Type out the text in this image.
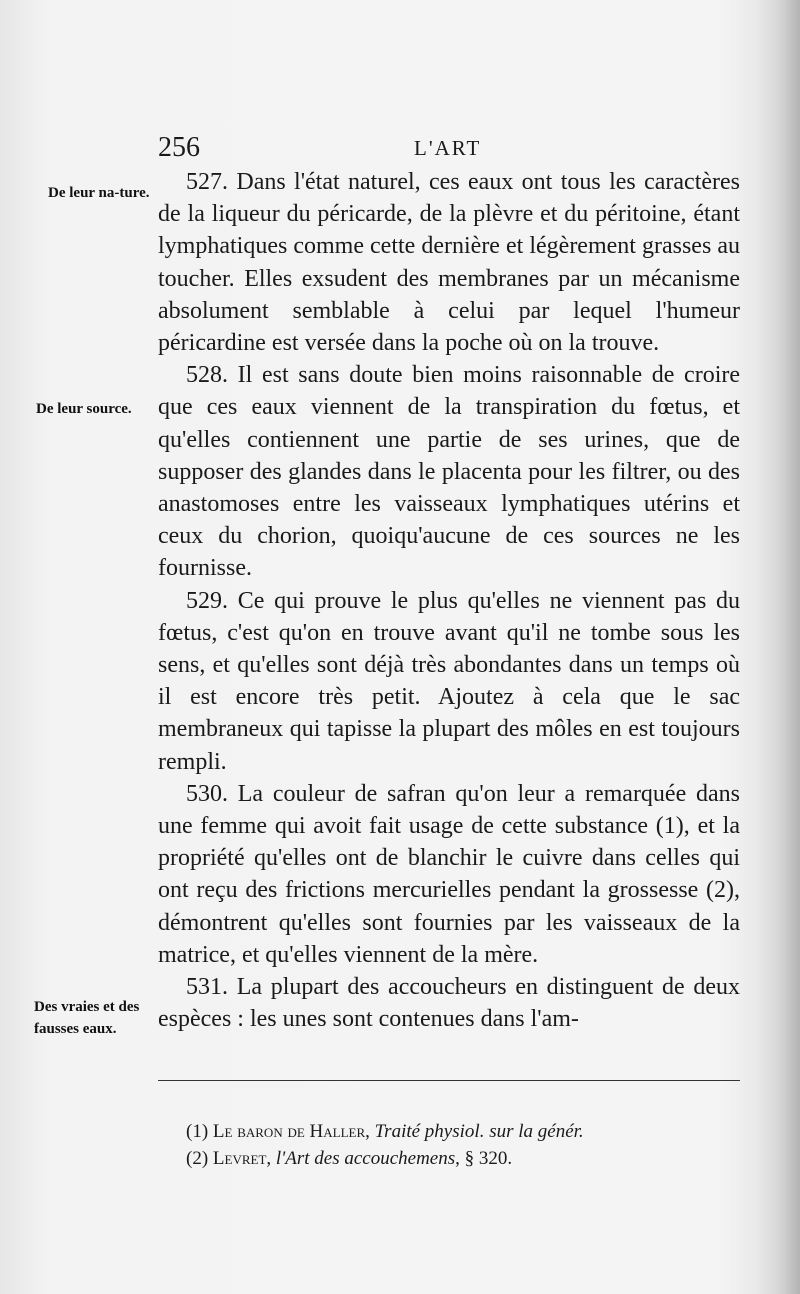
256	L'ART
De leur na-ture.
De leur source.
Des vraies et des fausses eaux.

527. Dans l'état naturel, ces eaux ont tous les caractères de la liqueur du péricarde, de la plèvre et du péritoine, étant lymphatiques comme cette dernière et légèrement grasses au toucher. Elles exsudent des membranes par un mécanisme absolument semblable à celui par lequel l'humeur péricardine est versée dans la poche où on la trouve.

528. Il est sans doute bien moins raisonnable de croire que ces eaux viennent de la transpiration du fœtus, et qu'elles contiennent une partie de ses urines, que de supposer des glandes dans le placenta pour les filtrer, ou des anastomoses entre les vaisseaux lymphatiques utérins et ceux du chorion, quoiqu'aucune de ces sources ne les fournisse.

529. Ce qui prouve le plus qu'elles ne viennent pas du fœtus, c'est qu'on en trouve avant qu'il ne tombe sous les sens, et qu'elles sont déjà très abondantes dans un temps où il est encore très petit. Ajoutez à cela que le sac membraneux qui tapisse la plupart des môles en est toujours rempli.

530. La couleur de safran qu'on leur a remarquée dans une femme qui avoit fait usage de cette substance (1), et la propriété qu'elles ont de blanchir le cuivre dans celles qui ont reçu des frictions mercurielles pendant la grossesse (2), démontrent qu'elles sont fournies par les vaisseaux de la matrice, et qu'elles viennent de la mère.

531. La plupart des accoucheurs en distinguent de deux espèces : les unes sont contenues dans l'am-

(1) Le baron de Haller, Traité physiol. sur la génér.

(2) Levret, l'Art des accouchemens, § 320.
